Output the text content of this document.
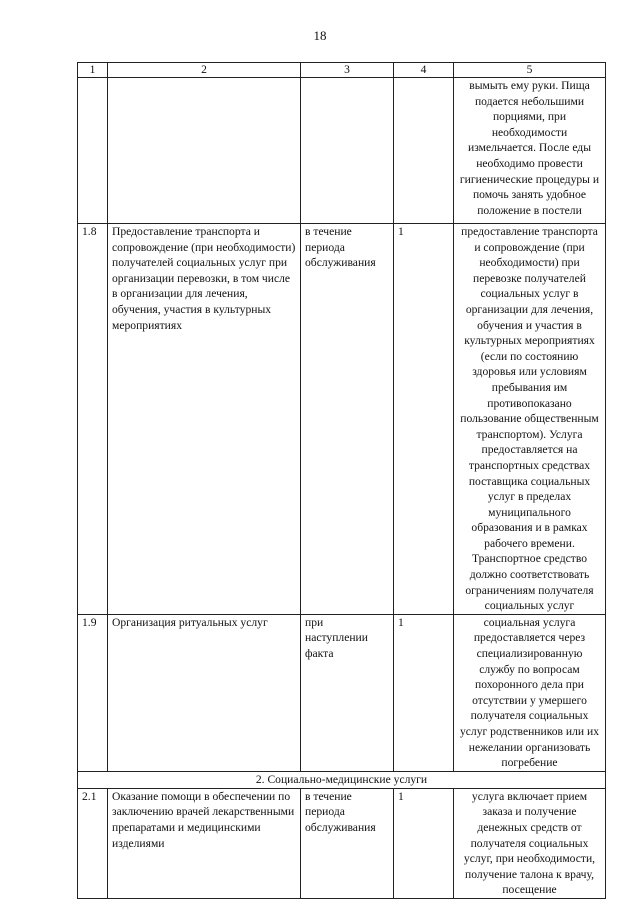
18
1	2	3	4	5
				вымыть ему руки. Пища подается небольшими порциями, при необходимости измельчается. После еды необходимо провести гигиенические процедуры и помочь занять удобное положение в постели
1.8	Предоставление транспорта и сопровождение (при необходимости) получателей социальных услуг при организации перевозки, в том числе в организации для лечения, обучения, участия в культурных мероприятиях	в течение периода обслуживания	1	предоставление транспорта и сопровождение (при необходимости) при перевозке получателей социальных услуг в организации для лечения, обучения и участия в культурных мероприятиях (если по состоянию здоровья или условиям пребывания им противопоказано пользование общественным транспортом). Услуга предоставляется на транспортных средствах поставщика социальных услуг в пределах муниципального образования и в рамках рабочего времени. Транспортное средство должно соответствовать ограничениям получателя социальных услуг
1.9	Организация ритуальных услуг	при наступлении факта	1	социальная услуга предоставляется через специализированную службу по вопросам похоронного дела при отсутствии у умершего получателя социальных услуг родственников или их нежелании организовать погребение
2. Социально-медицинские услуги				
2.1	Оказание помощи в обеспечении по заключению врачей лекарственными препаратами и медицинскими изделиями	в течение периода обслуживания	1	услуга включает прием заказа и получение денежных средств от получателя социальных услуг, при необходимости, получение талона к врачу, посещение
